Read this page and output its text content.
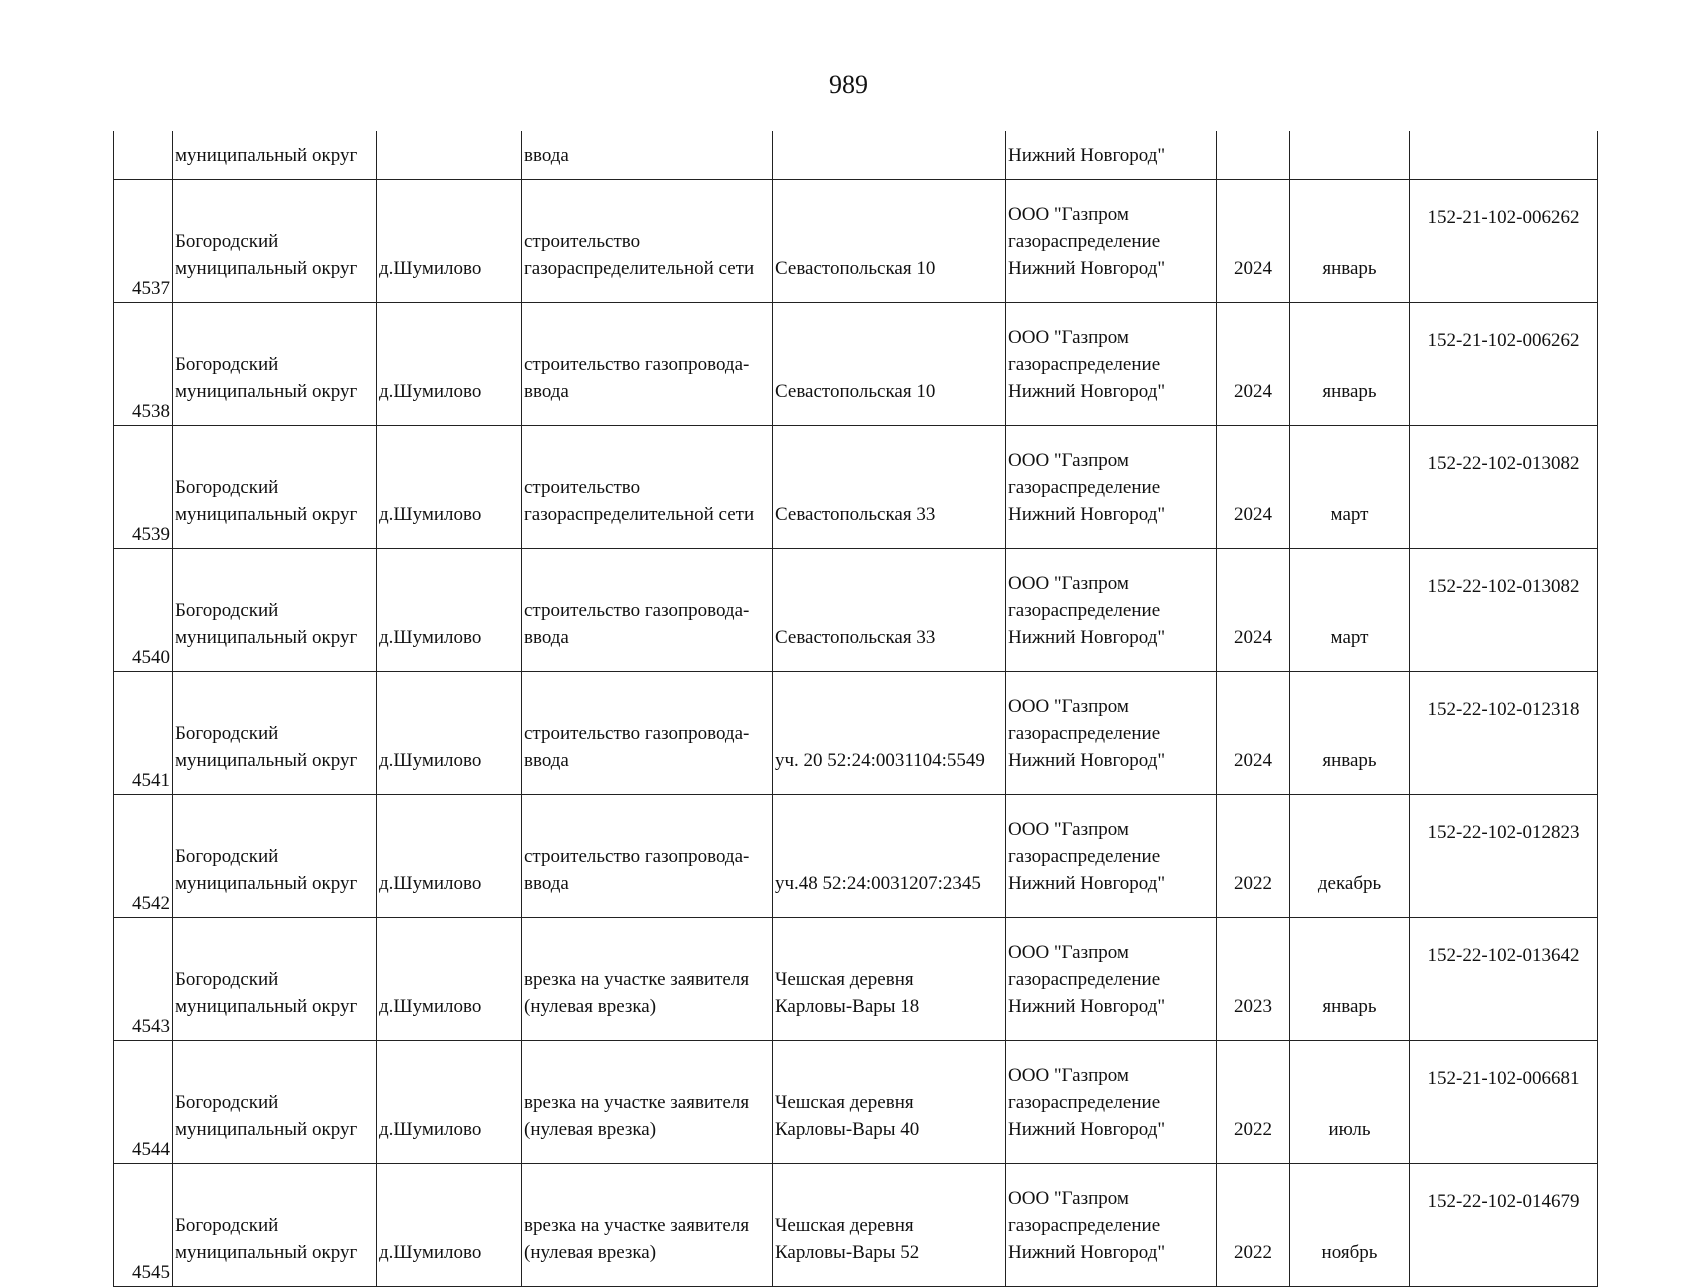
989
	муниципальный округ		ввода		Нижний Новгород"			
4537	Богородский
муниципальный округ	д.Шумилово	строительство
газораспределительной сети	Севастопольская 10	ООО "Газпром
газораспределение
Нижний Новгород"	2024	январь	152-21-102-006262
4538	Богородский
муниципальный округ	д.Шумилово	строительство газопровода-
ввода	Севастопольская 10	ООО "Газпром
газораспределение
Нижний Новгород"	2024	январь	152-21-102-006262
4539	Богородский
муниципальный округ	д.Шумилово	строительство
газораспределительной сети	Севастопольская 33	ООО "Газпром
газораспределение
Нижний Новгород"	2024	март	152-22-102-013082
4540	Богородский
муниципальный округ	д.Шумилово	строительство газопровода-
ввода	Севастопольская 33	ООО "Газпром
газораспределение
Нижний Новгород"	2024	март	152-22-102-013082
4541	Богородский
муниципальный округ	д.Шумилово	строительство газопровода-
ввода	уч. 20 52:24:0031104:5549	ООО "Газпром
газораспределение
Нижний Новгород"	2024	январь	152-22-102-012318
4542	Богородский
муниципальный округ	д.Шумилово	строительство газопровода-
ввода	уч.48 52:24:0031207:2345	ООО "Газпром
газораспределение
Нижний Новгород"	2022	декабрь	152-22-102-012823
4543	Богородский
муниципальный округ	д.Шумилово	врезка на участке заявителя
(нулевая врезка)	Чешская деревня
Карловы-Вары 18	ООО "Газпром
газораспределение
Нижний Новгород"	2023	январь	152-22-102-013642
4544	Богородский
муниципальный округ	д.Шумилово	врезка на участке заявителя
(нулевая врезка)	Чешская деревня
Карловы-Вары 40	ООО "Газпром
газораспределение
Нижний Новгород"	2022	июль	152-21-102-006681
4545	Богородский
муниципальный округ	д.Шумилово	врезка на участке заявителя
(нулевая врезка)	Чешская деревня
Карловы-Вары 52	ООО "Газпром
газораспределение
Нижний Новгород"	2022	ноябрь	152-22-102-014679
